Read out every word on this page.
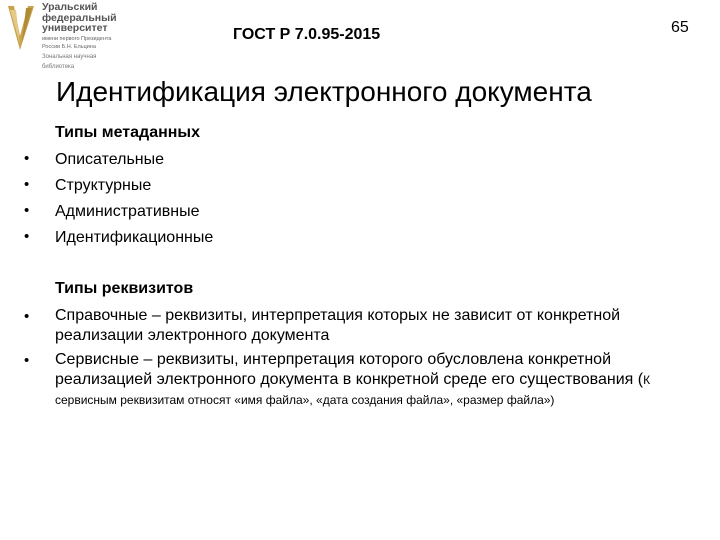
Уральский
федеральный
университет
имени первого Президента
России Б.Н. Ельцина
Зональная научная
библиотека
ГОСТ Р 7.0.95-2015	65
Идентификация электронного документа
Типы метаданных
• Описательные
• Структурные
• Административные
• Идентификационные
Типы реквизитов
• Справочные – реквизиты, интерпретация которых не зависит от конкретной реализации электронного документа
• Сервисные – реквизиты, интерпретация которого обусловлена конкретной реализацией электронного документа в конкретной среде его существования (К сервисным реквизитам относят «имя файла», «дата создания файла», «размер файла»)
